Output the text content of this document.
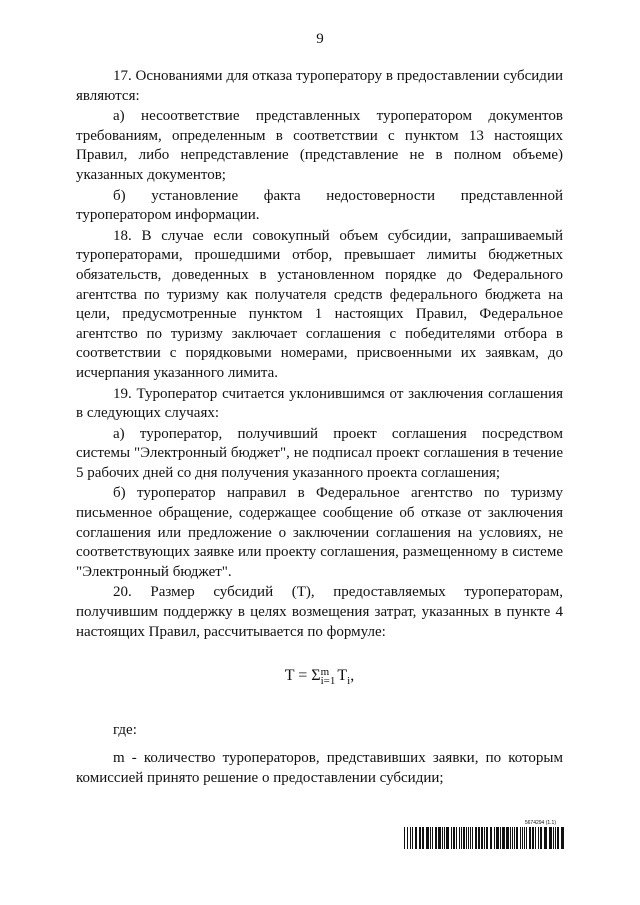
9

17. Основаниями для отказа туроператору в предоставлении субсидии являются:

а) несоответствие представленных туроператором документов требованиям, определенным в соответствии с пунктом 13 настоящих Правил, либо непредставление (представление не в полном объеме) указанных документов;

б) установление факта недостоверности представленной туроператором информации.

18. В случае если совокупный объем субсидии, запрашиваемый туроператорами, прошедшими отбор, превышает лимиты бюджетных обязательств, доведенных в установленном порядке до Федерального агентства по туризму как получателя средств федерального бюджета на цели, предусмотренные пунктом 1 настоящих Правил, Федеральное агентство по туризму заключает соглашения с победителями отбора в соответствии с порядковыми номерами, присвоенными их заявкам, до исчерпания указанного лимита.

19. Туроператор считается уклонившимся от заключения соглашения в следующих случаях:

а) туроператор, получивший проект соглашения посредством системы "Электронный бюджет", не подписал проект соглашения в течение 5 рабочих дней со дня получения указанного проекта соглашения;

б) туроператор направил в Федеральное агентство по туризму письменное обращение, содержащее сообщение об отказе от заключения соглашения или предложение о заключении соглашения на условиях, не соответствующих заявке или проекту соглашения, размещенному в системе "Электронный бюджет".

20. Размер субсидий (Т), предоставляемых туроператорам, получившим поддержку в целях возмещения затрат, указанных в пункте 4 настоящих Правил, рассчитывается по формуле:

T = Σ m
i=1 $T_i$,

где:

m - количество туроператоров, представивших заявки, по которым комиссией принято решение о предоставлении субсидии;

5674294 (1.1)
